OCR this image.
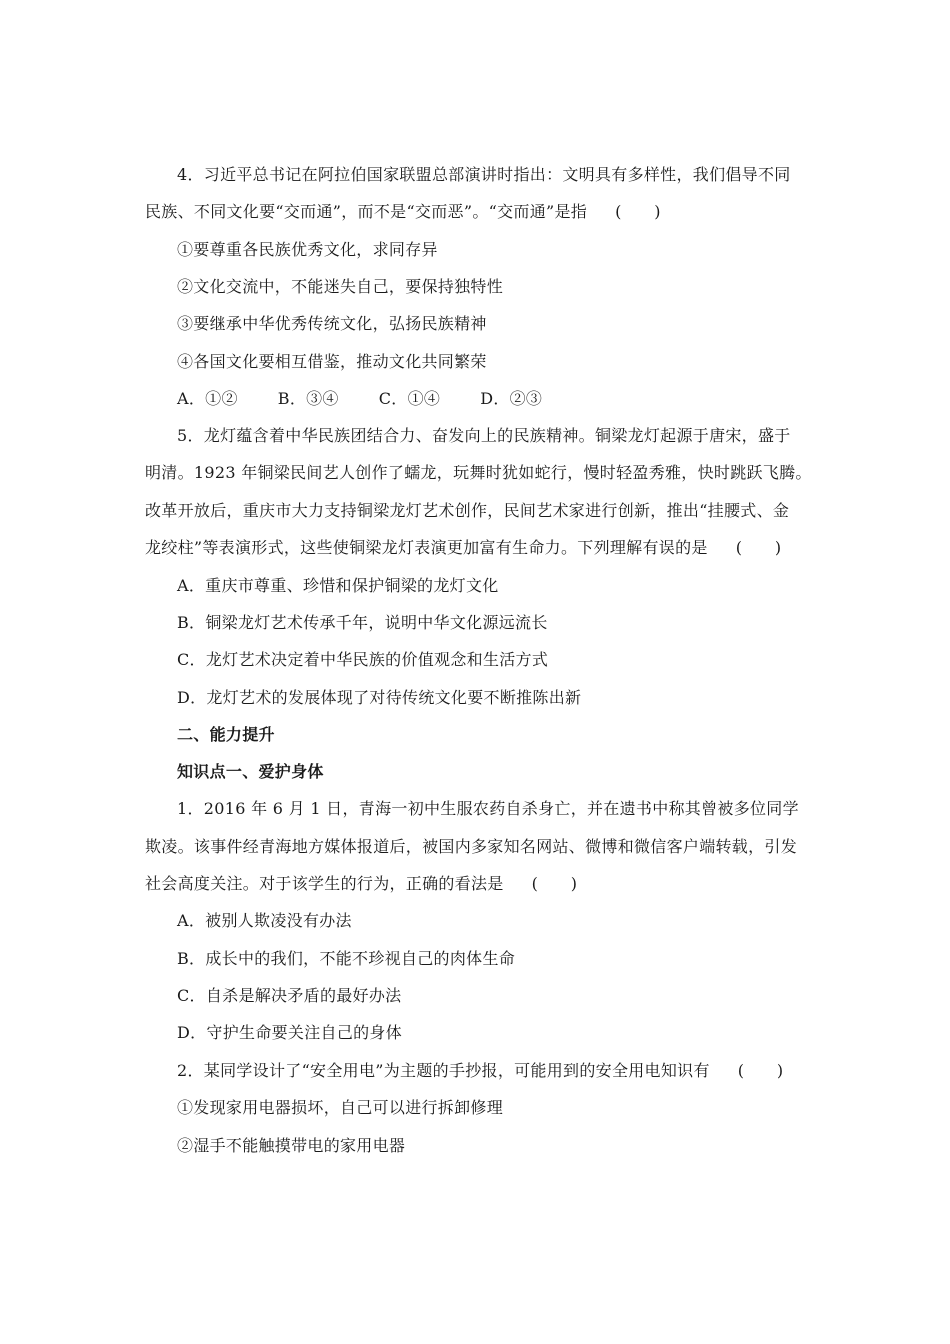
4．习近平总书记在阿拉伯国家联盟总部演讲时指出：文明具有多样性，我们倡导不同
民族、不同文化要“交而通”，而不是“交而恶”。“交而通”是指 (　　)
①要尊重各民族优秀文化，求同存异
②文化交流中，不能迷失自己，要保持独特性
③要继承中华优秀传统文化，弘扬民族精神
④各国文化要相互借鉴，推动文化共同繁荣
A．①②	B．③④	C．①④	D．②③
5．龙灯蕴含着中华民族团结合力、奋发向上的民族精神。铜梁龙灯起源于唐宋，盛于
明清。1923 年铜梁民间艺人创作了蠕龙，玩舞时犹如蛇行，慢时轻盈秀雅，快时跳跃飞腾。
改革开放后，重庆市大力支持铜梁龙灯艺术创作，民间艺术家进行创新，推出“挂腰式、金
龙绞柱”等表演形式，这些使铜梁龙灯表演更加富有生命力。下列理解有误的是 (　　)
A．重庆市尊重、珍惜和保护铜梁的龙灯文化
B．铜梁龙灯艺术传承千年，说明中华文化源远流长
C．龙灯艺术决定着中华民族的价值观念和生活方式
D．龙灯艺术的发展体现了对待传统文化要不断推陈出新
二、能力提升
知识点一、爱护身体
1．2016 年 6 月 1 日，青海一初中生服农药自杀身亡，并在遗书中称其曾被多位同学
欺凌。该事件经青海地方媒体报道后，被国内多家知名网站、微博和微信客户端转载，引发
社会高度关注。对于该学生的行为，正确的看法是 (　　)
A．被别人欺凌没有办法
B．成长中的我们，不能不珍视自己的肉体生命
C．自杀是解决矛盾的最好办法
D．守护生命要关注自己的身体
2．某同学设计了“安全用电”为主题的手抄报，可能用到的安全用电知识有 (　　)
①发现家用电器损坏，自己可以进行拆卸修理
②湿手不能触摸带电的家用电器
